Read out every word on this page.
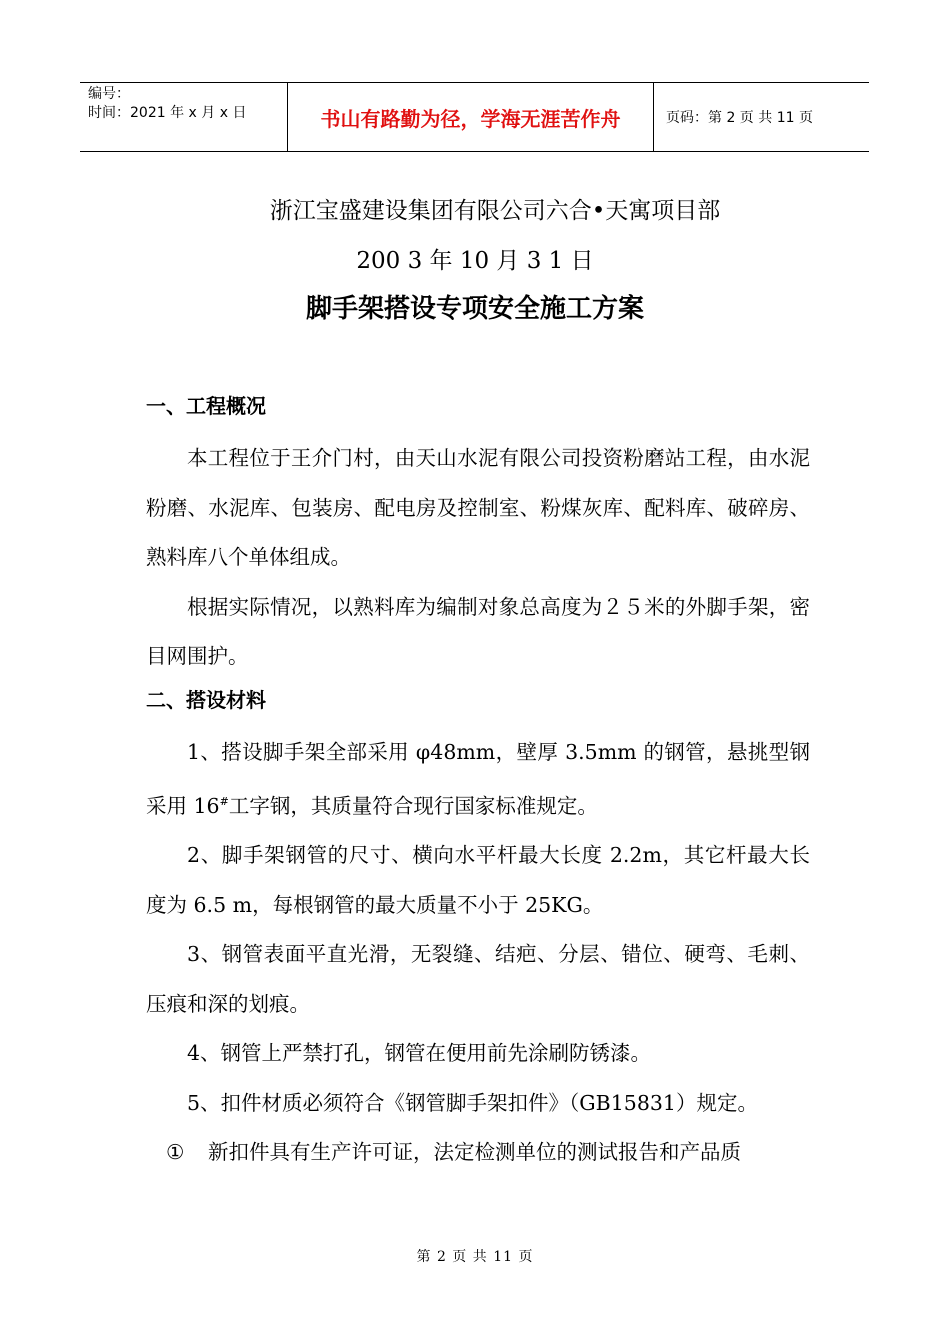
编号：
时间：2021 年 x 月 x 日	书山有路勤为径，学海无涯苦作舟	页码：第 2 页 共 11 页
浙江宝盛建设集团有限公司六合•天寓项目部
200 3 年 10 月 3 1 日
脚手架搭设专项安全施工方案

一、工程概况

本工程位于王介门村，由天山水泥有限公司投资粉磨站工程，由水泥粉磨、水泥库、包装房、配电房及控制室、粉煤灰库、配料库、破碎房、熟料库八个单体组成。

根据实际情况，以熟料库为编制对象总高度为２５米的外脚手架，密目网围护。

二、搭设材料

1、搭设脚手架全部采用 φ48mm，壁厚 3.5mm 的钢管，悬挑型钢采用 16#工字钢，其质量符合现行国家标准规定。

2、脚手架钢管的尺寸、横向水平杆最大长度 2.2m，其它杆最大长度为 6.5 m，每根钢管的最大质量不小于 25KG。

3、钢管表面平直光滑，无裂缝、结疤、分层、错位、硬弯、毛刺、压痕和深的划痕。

4、钢管上严禁打孔，钢管在便用前先涂刷防锈漆。

5、扣件材质必须符合《钢管脚手架扣件》（GB15831）规定。

① 新扣件具有生产许可证，法定检测单位的测试报告和产品质

第 2 页 共 11 页
